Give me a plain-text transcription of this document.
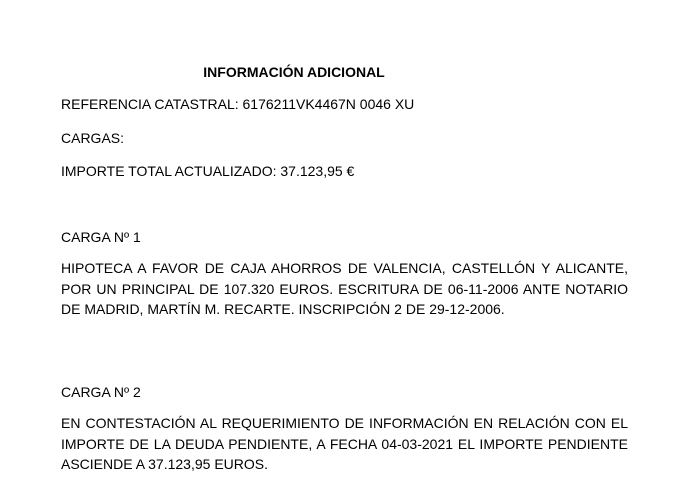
INFORMACIÓN ADICIONAL
REFERENCIA CATASTRAL: 6176211VK4467N 0046 XU
CARGAS:
IMPORTE TOTAL ACTUALIZADO: 37.123,95 €
CARGA Nº 1
HIPOTECA A FAVOR DE CAJA AHORROS DE VALENCIA, CASTELLÓN Y ALICANTE, POR UN PRINCIPAL DE 107.320 EUROS. ESCRITURA DE 06-11-2006 ANTE NOTARIO DE MADRID, MARTÍN M. RECARTE. INSCRIPCIÓN 2 DE 29-12-2006.
CARGA Nº 2
EN CONTESTACIÓN AL REQUERIMIENTO DE INFORMACIÓN EN RELACIÓN CON EL IMPORTE DE LA DEUDA PENDIENTE, A FECHA 04-03-2021 EL IMPORTE PENDIENTE ASCIENDE A 37.123,95 EUROS.
